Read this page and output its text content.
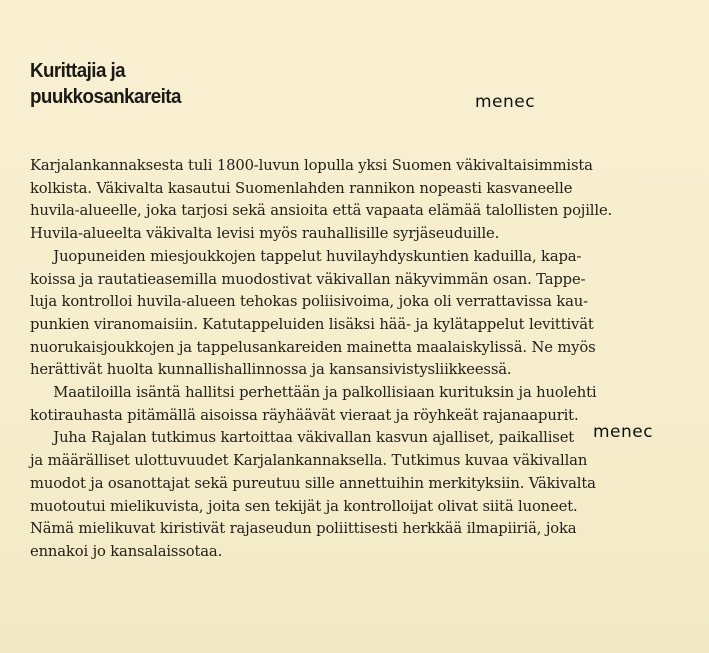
Kurittajia ja
puukkosankareita	menec
menec
Karjalankannaksesta tuli 1800-luvun lopulla yksi Suomen väkivaltaisimmista
kolkista. Väkivalta kasautui Suomenlahden rannikon nopeasti kasvaneelle
huvila-alueelle, joka tarjosi sekä ansioita että vapaata elämää talollisten pojille.
Huvila-alueelta väkivalta levisi myös rauhallisille syrjäseuduille.
Juopuneiden miesjoukkojen tappelut huvilayhdyskuntien kaduilla, kapa-
koissa ja rautatieasemilla muodostivat väkivallan näkyvimmän osan. Tappe-
luja kontrolloi huvila-alueen tehokas poliisivoima, joka oli verrattavissa kau-
punkien viranomaisiin. Katutappeluiden lisäksi hää- ja kylätappelut levittivät
nuorukaisjoukkojen ja tappelusankareiden mainetta maalaiskylissä. Ne myös
herättivät huolta kunnallishallinnossa ja kansansivistysliikkeessä.
Maatiloilla isäntä hallitsi perhettään ja palkollisiaan kurituksin ja huolehti
kotirauhasta pitämällä aisoissa räyhäävät vieraat ja röyhkeät rajanaapurit.
Juha Rajalan tutkimus kartoittaa väkivallan kasvun ajalliset, paikalliset
ja määrälliset ulottuvuudet Karjalankannaksella. Tutkimus kuvaa väkivallan
muodot ja osanottajat sekä pureutuu sille annettuihin merkityksiin. Väkivalta
muotoutui mielikuvista, joita sen tekijät ja kontrolloijat olivat siitä luoneet.
Nämä mielikuvat kiristivät rajaseudun poliittisesti herkkää ilmapiiriä, joka
ennakoi jo kansalaissotaa.
